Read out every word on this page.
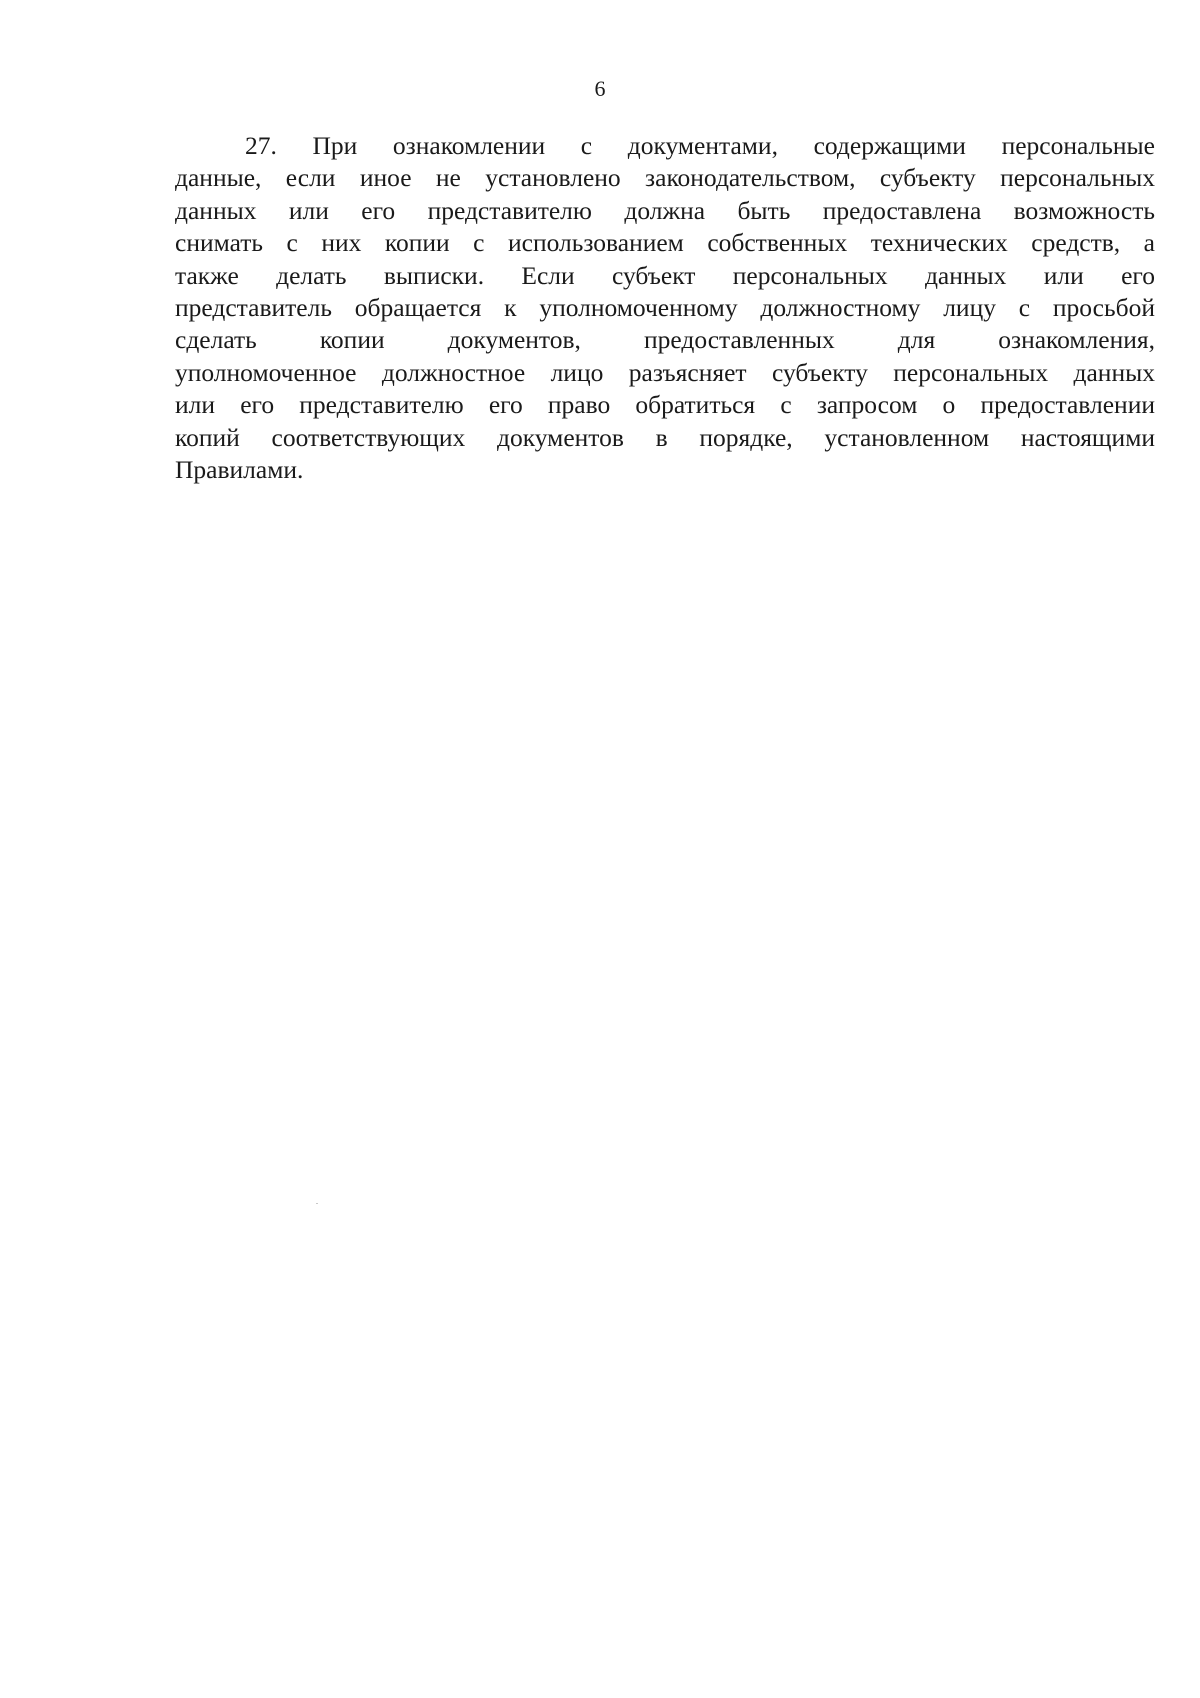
6

27. При ознакомлении с документами, содержащими персональные
данные, если иное не установлено законодательством, субъекту персональных
данных или его представителю должна быть предоставлена возможность
снимать с них копии с использованием собственных технических средств, а
также делать выписки. Если субъект персональных данных или его
представитель обращается к уполномоченному должностному лицу с просьбой
сделать копии документов, предоставленных для ознакомления,
уполномоченное должностное лицо разъясняет субъекту персональных данных
или его представителю его право обратиться с запросом о предоставлении
копий соответствующих документов в порядке, установленном настоящими
Правилами.
